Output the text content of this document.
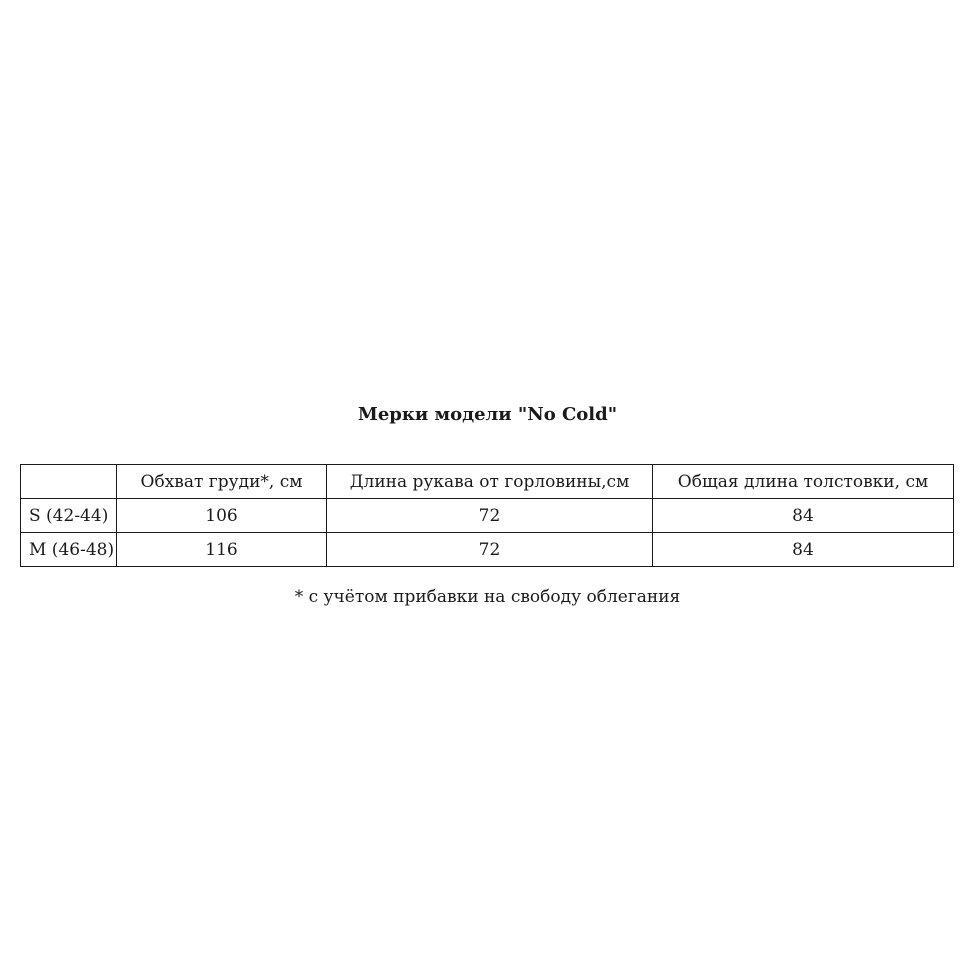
Мерки модели "No Cold"
	Обхват груди*, см	Длина рукава от горловины,см	Общая длина толстовки, см
S (42-44)	106	72	84
M (46-48)	116	72	84
* с учётом прибавки на свободу облегания
